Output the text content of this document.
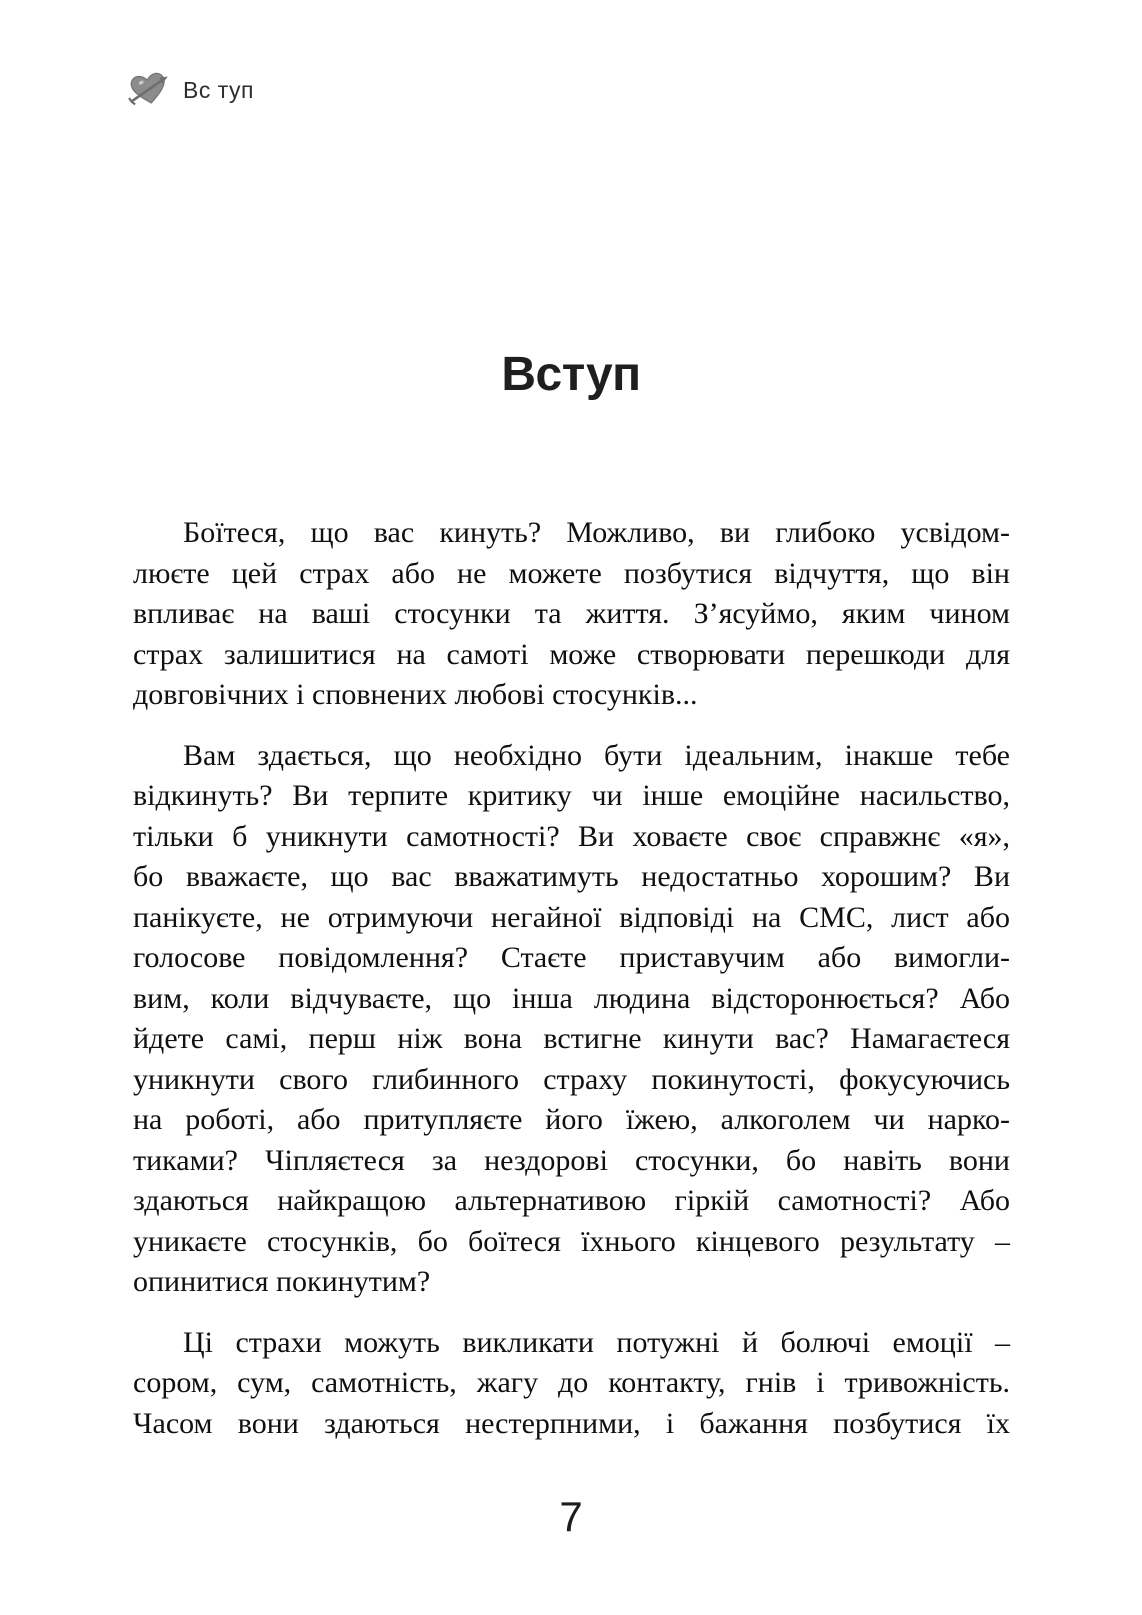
Вс туп
Вступ

Боїтеся, що вас кинуть? Можливо, ви глибоко усвідом-
люєте цей страх або не можете позбутися відчуття, що він
впливає на ваші стосунки та життя. З’ясуймо, яким чином
страх залишитися на самоті може створювати перешкоди для
довговічних і сповнених любові стосунків...

Вам здається, що необхідно бути ідеальним, інакше тебе
відкинуть? Ви терпите критику чи інше емоційне насильство,
тільки б уникнути самотності? Ви ховаєте своє справжнє «я»,
бо вважаєте, що вас вважатимуть недостатньо хорошим? Ви
панікуєте, не отримуючи негайної відповіді на СМС, лист або
голосове повідомлення? Стаєте приставучим або вимогли-
вим, коли відчуваєте, що інша людина відсторонюється? Або
йдете самі, перш ніж вона встигне кинути вас? Намагаєтеся
уникнути свого глибинного страху покинутості, фокусуючись
на роботі, або притупляєте його їжею, алкоголем чи нарко-
тиками? Чіпляєтеся за нездорові стосунки, бо навіть вони
здаються найкращою альтернативою гіркій самотності? Або
уникаєте стосунків, бо боїтеся їхнього кінцевого результату –
опинитися покинутим?

Ці страхи можуть викликати потужні й болючі емоції –
сором, сум, самотність, жагу до контакту, гнів і тривожність.
Часом вони здаються нестерпними, і бажання позбутися їх

7
